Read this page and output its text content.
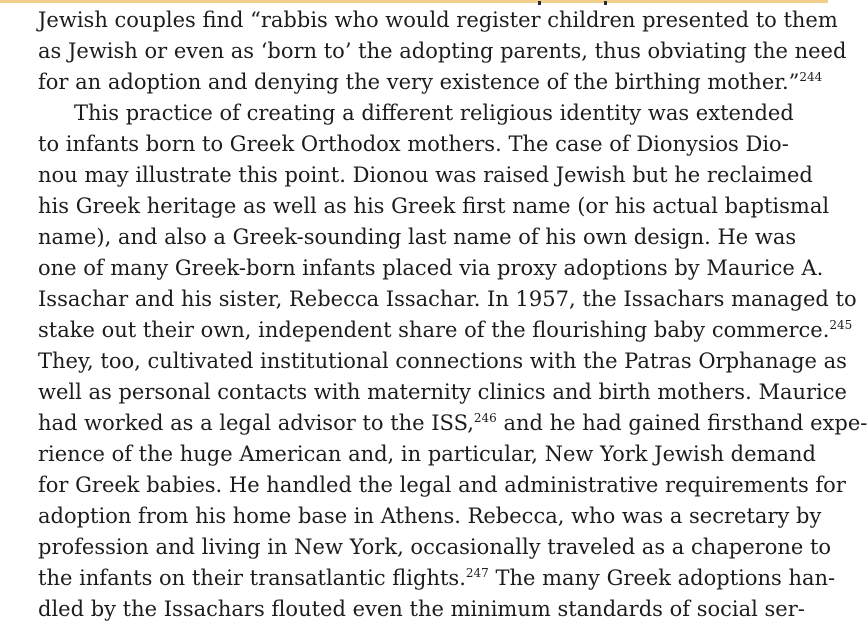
Jewish couples find “rabbis who would register children presented to them
as Jewish or even as ‘born to’ the adopting parents, thus obviating the need
for an adoption and denying the very existence of the birthing mother.”$^{244}$
This practice of creating a different religious identity was extended
to infants born to Greek Orthodox mothers. The case of Dionysios Dio-
nou may illustrate this point. Dionou was raised Jewish but he reclaimed
his Greek heritage as well as his Greek first name (or his actual baptismal
name), and also a Greek-sounding last name of his own design. He was
one of many Greek-born infants placed via proxy adoptions by Maurice A.
Issachar and his sister, Rebecca Issachar. In 1957, the Issachars managed to
stake out their own, independent share of the flourishing baby commerce.$^{245}$
They, too, cultivated institutional connections with the Patras Orphanage as
well as personal contacts with maternity clinics and birth mothers. Maurice
had worked as a legal advisor to the ISS,$^{246}$ and he had gained firsthand expe-
rience of the huge American and, in particular, New York Jewish demand
for Greek babies. He handled the legal and administrative requirements for
adoption from his home base in Athens. Rebecca, who was a secretary by
profession and living in New York, occasionally traveled as a chaperone to
the infants on their transatlantic flights.$^{247}$ The many Greek adoptions han-
dled by the Issachars flouted even the minimum standards of social ser-
